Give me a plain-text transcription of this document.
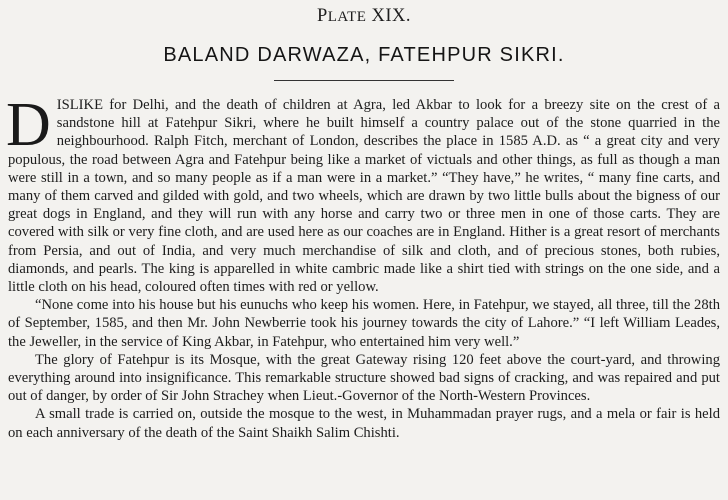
PLATE XIX.
BALAND DARWAZA, FATEHPUR SIKRI.

DISLIKE for Delhi, and the death of children at Agra, led Akbar to look for a breezy site on the crest of a sandstone hill at Fatehpur Sikri, where he built himself a country palace out of the stone quarried in the neighbourhood. Ralph Fitch, merchant of London, describes the place in 1585 A.D. as “ a great city and very populous, the road between Agra and Fatehpur being like a market of victuals and other things, as full as though a man were still in a town, and so many people as if a man were in a market.” “They have,” he writes, “ many fine carts, and many of them carved and gilded with gold, and two wheels, which are drawn by two little bulls about the bigness of our great dogs in England, and they will run with any horse and carry two or three men in one of those carts. They are covered with silk or very fine cloth, and are used here as our coaches are in England. Hither is a great resort of merchants from Persia, and out of India, and very much merchandise of silk and cloth, and of precious stones, both rubies, diamonds, and pearls. The king is apparelled in white cambric made like a shirt tied with strings on the one side, and a little cloth on his head, coloured often times with red or yellow.

“None come into his house but his eunuchs who keep his women. Here, in Fatehpur, we stayed, all three, till the 28th of September, 1585, and then Mr. John Newberrie took his journey towards the city of Lahore.” “I left William Leades, the Jeweller, in the service of King Akbar, in Fatehpur, who entertained him very well.”

The glory of Fatehpur is its Mosque, with the great Gateway rising 120 feet above the court-yard, and throwing everything around into insignificance. This remarkable structure showed bad signs of cracking, and was repaired and put out of danger, by order of Sir John Strachey when Lieut.-Governor of the North-Western Provinces.

A small trade is carried on, outside the mosque to the west, in Muhammadan prayer rugs, and a mela or fair is held on each anniversary of the death of the Saint Shaikh Salim Chishti.
